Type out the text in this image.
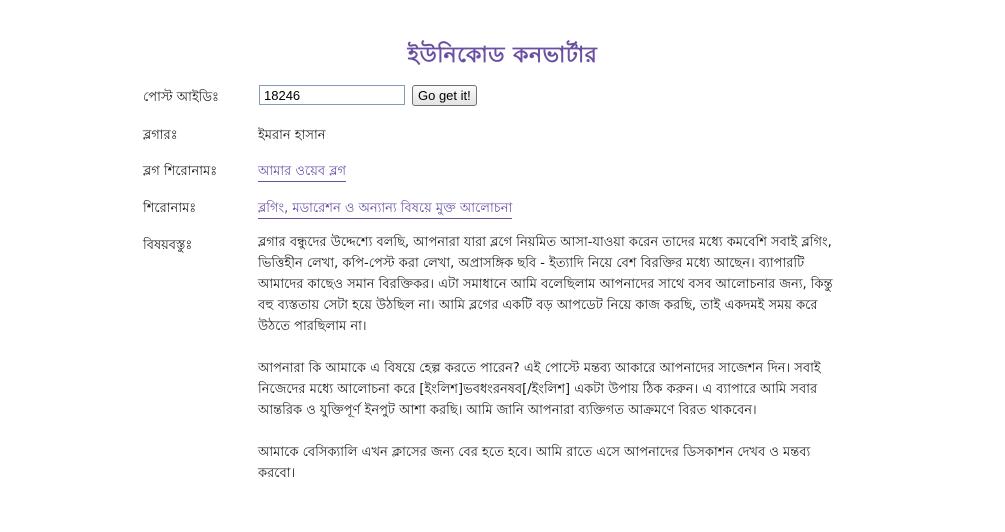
ইউনিকোড কনভার্টার
পোস্ট আইডিঃ
18246	Go get it!
ব্লগারঃ	ইমরান হাসান
ব্লগ শিরোনামঃ	আমার ওয়েব ব্লগ
শিরোনামঃ	ব্লগিং, মডারেশন ও অন্যান্য বিষয়ে মুক্ত আলোচনা
বিষয়বস্তুঃ	ব্লগার বন্ধুদের উদ্দেশ্যে বলছি, আপনারা যারা ব্লগে নিয়মিত আসা-যাওয়া করেন তাদের মধ্যে কমবেশি সবাই ব্লগিং, ভিত্তিহীন লেখা, কপি-পেস্ট করা লেখা, অপ্রাসঙ্গিক ছবি - ইত্যাদি নিয়ে বেশ বিরক্তির মধ্যে আছেন। ব্যাপারটি আমাদের কাছেও সমান বিরক্তিকর। এটা সমাধানে আমি বলেছিলাম আপনাদের সাথে বসব আলোচনার জন্য, কিন্তু বহু ব্যস্ততায় সেটা হয়ে উঠছিল না। আমি ব্লগের একটি বড় আপডেট নিয়ে কাজ করছি, তাই একদমই সময় করে উঠতে পারছিলাম না।

আপনারা কি আমাকে এ বিষয়ে হেল্প করতে পারেন? এই পোস্টে মন্তব্য আকারে আপনাদের সাজেশন দিন। সবাই নিজেদের মধ্যে আলোচনা করে [ইংলিশ]ভবধংরনষব[/ইংলিশ] একটা উপায় ঠিক করুন। এ ব্যাপারে আমি সবার আন্তরিক ও যুক্তিপূর্ণ ইনপুট আশা করছি। আমি জানি আপনারা ব্যক্তিগত আক্রমণে বিরত থাকবেন।

আমাকে বেসিক্যালি এখন ক্লাসের জন্য বের হতে হবে। আমি রাতে এসে আপনাদের ডিসকাশন দেখব ও মন্তব্য করবো।
